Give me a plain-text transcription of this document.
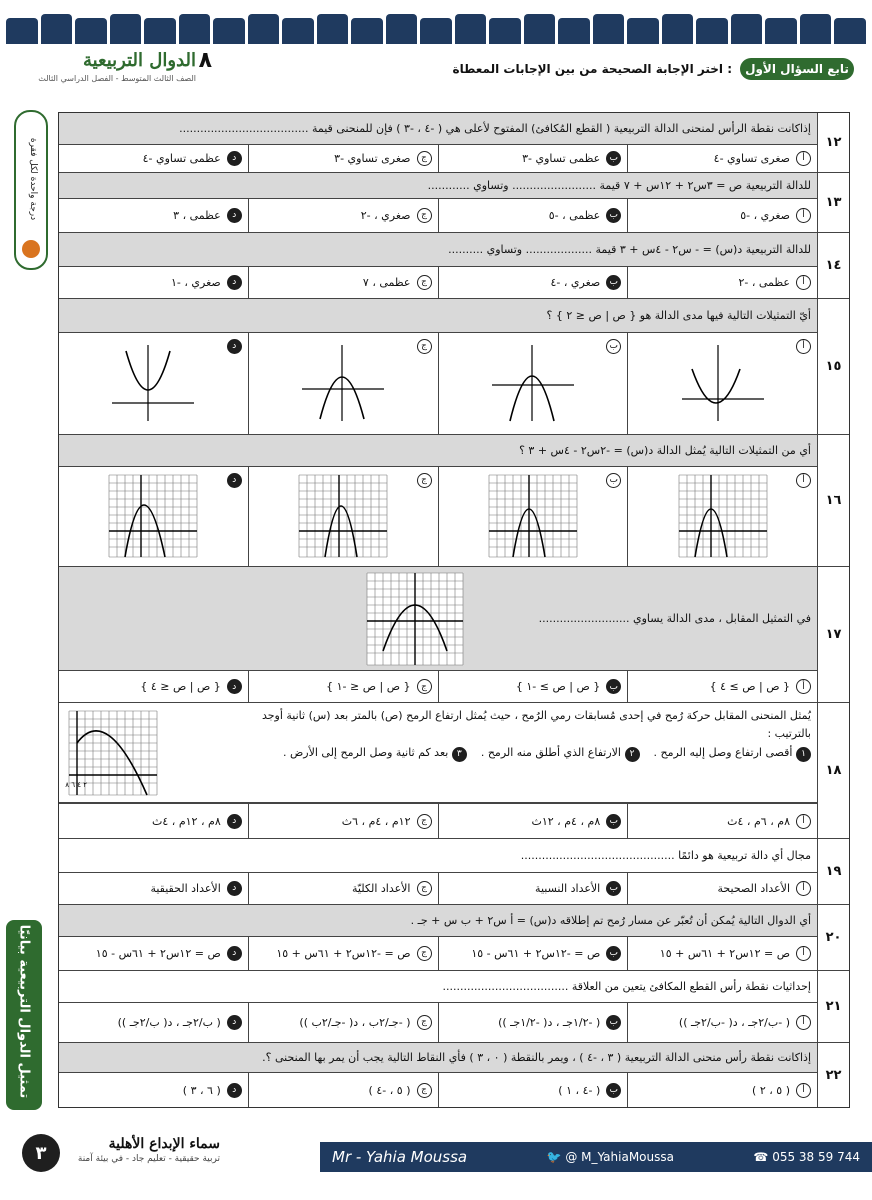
٨
الدوال التربيعية
الصف الثالث المتوسط - الفصل الدراسي الثالث
تابع السؤال الأول
اختر الإجابة الصحيحة من بين الإجابات المعطاة :
درجة واحدة لكل فقرة
تمثيل الدوال التربيعية بيانيًا
١٢
إذاكانت نقطة الرأس لمنحنى الدالة التربيعية ( القطع المُكافئ) المفتوح لأعلى هي ( -٤ ، -٣ ) فإن للمنحنى قيمة .....................................
أ
صغرى تساوي -٤
ب
عظمى تساوي -٣
ج
صغرى تساوي -٣
د
عظمى تساوي -٤
١٣
للدالة التربيعية ص = ٣س٢ + ١٢س + ٧ قيمة ........................ وتساوي ............
أ
صغري ، -٥
ب
عظمى ، -٥
ج
صغري ، -٢
د
عظمى ، ٣
١٤
للدالة التربيعية د(س) = - س٢ - ٤س + ٣ قيمة ................... وتساوي ..........
أ
عظمى ، -٢
ب
صغري ، -٤
ج
عظمى ، ٧
د
صغري ، -١
١٥
أيّ التمثيلات التالية فيها مدى الدالة هو { ص | ص ≤ ٢ } ؟
أ
ب
ج
د
١٦
أي من التمثيلات التالية يُمثل الدالة د(س) = -٢س٢ - ٤س + ٣ ؟
أ
ب
ج
د
١٧
في التمثيل المقابل ، مدى الدالة يساوي ..........................
أ
{ ص | ص ≥ ٤ }
ب
{ ص | ص ≥ -١ }
ج
{ ص | ص ≤ -١ }
د
{ ص | ص ≤ ٤ }
١٨
يُمثل المنحنى المقابل حركة رُمح في إحدى مُسابقات رمي الرُمح ، حيث يُمثل ارتفاع الرمح (ص) بالمتر بعد (س) ثانية أوجد بالترتيب :
١ أقصى ارتفاع وصل إليه الرمح .
٢ الارتفاع الذي أطلق منه الرمح .
٣ بعد كم ثانية وصل الرمح إلى الأرض .
٢ ٤ ٦ ٨
أ
٨م ، ٦م ، ٤ث
ب
٨م ، ٤م ، ١٢ث
ج
١٢م ، ٤م ، ٦ث
د
٨م ، ١٢م ، ٤ث
١٩
مجال أي دالة تربيعية هو دائمًا ............................................
أ
الأعداد الصحيحة
ب
الأعداد النسبية
ج
الأعداد الكليّة
د
الأعداد الحقيقية
٢٠
أي الدوال التالية يُمكن أن تُعبّر عن مسار رُمح تم إطلاقه د(س) = أ س٢ + ب س + جـ .
أ
ص = ١٢س٢ + ٦١س + ١٥
ب
ص = -١٢س٢ + ٦١س - ١٥
ج
ص = -١٢س٢ + ٦١س + ١٥
د
ص = ١٢س٢ + ٦١س - ١٥
٢١
إحداثيات نقطة رأس القطع المكافئ يتعين من العلاقة ....................................
أ
( -ب/٢جـ ، د( -ب/٢جـ ))
ب
( -١/٢جـ ، د( -١/٢جـ ))
ج
( -جـ/٢ب ، د( -جـ/٢ب ))
د
( ب/٢جـ ، د( ب/٢جـ ))
٢٢
إذاكانت نقطة رأس منحنى الدالة التربيعية ( ٣ ، -٤ ) ، ويمر بالنقطة ( ٠ ، ٣ ) فأي النقاط التالية يجب أن يمر بها المنحنى ؟.
أ
( ٥ ، ٢ )
ب
( -٤ ، ١ )
ج
( ٥ ، -٤ )
د
( ٦ ، ٣ )
٣	سماء الإبداع الأهلية
تربية حقيقية - تعليم جاد - في بيئة آمنة	Mr - Yahia Moussa	🐦 @ M_YahiaMoussa	☎ 055 38 59 744
